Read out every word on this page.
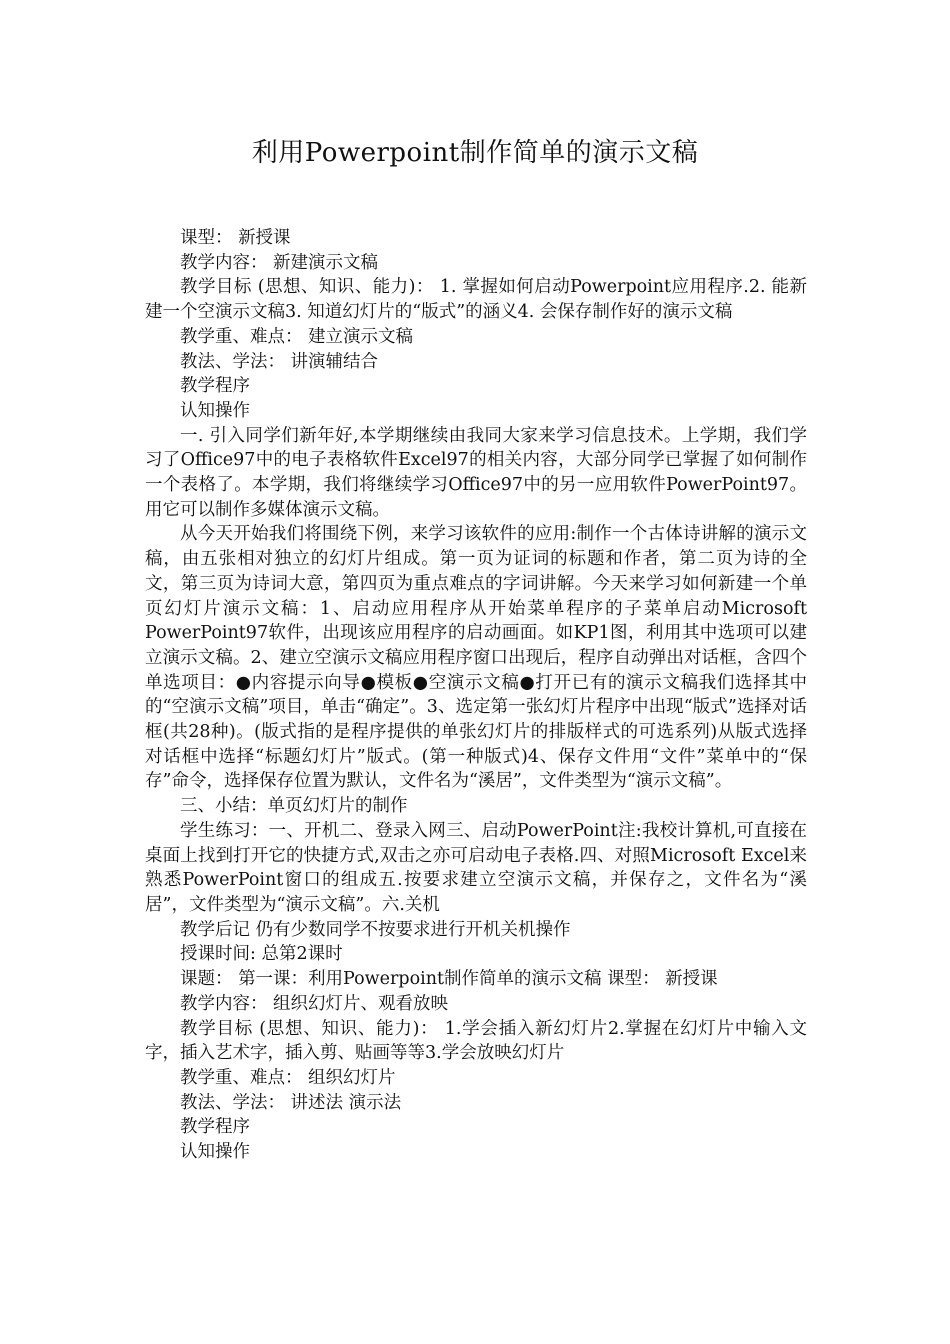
利用Powerpoint制作简单的演示文稿

课型： 新授课

教学内容： 新建演示文稿

教学目标 (思想、知识、能力)： 1. 掌握如何启动Powerpoint应用程序.2. 能新建一个空演示文稿3. 知道幻灯片的“版式”的涵义4. 会保存制作好的演示文稿

教学重、难点： 建立演示文稿

教法、学法： 讲演辅结合

教学程序

认知操作

一. 引入同学们新年好,本学期继续由我同大家来学习信息技术。上学期，我们学习了Office97中的电子表格软件Excel97的相关内容，大部分同学已掌握了如何制作一个表格了。本学期，我们将继续学习Office97中的另一应用软件PowerPoint97。用它可以制作多媒体演示文稿。

从今天开始我们将围绕下例，来学习该软件的应用:制作一个古体诗讲解的演示文稿，由五张相对独立的幻灯片组成。第一页为证词的标题和作者，第二页为诗的全文，第三页为诗词大意，第四页为重点难点的字词讲解。今天来学习如何新建一个单页幻灯片演示文稿：1、启动应用程序从开始菜单程序的子菜单启动Microsoft PowerPoint97软件，出现该应用程序的启动画面。如KP1图，利用其中选项可以建立演示文稿。2、建立空演示文稿应用程序窗口出现后，程序自动弹出对话框，含四个单选项目：●内容提示向导●模板●空演示文稿●打开已有的演示文稿我们选择其中的“空演示文稿”项目，单击“确定”。3、选定第一张幻灯片程序中出现“版式”选择对话框(共28种)。(版式指的是程序提供的单张幻灯片的排版样式的可选系列)从版式选择对话框中选择“标题幻灯片”版式。(第一种版式)4、保存文件用“文件”菜单中的“保存”命令，选择保存位置为默认，文件名为“溪居”，文件类型为“演示文稿”。

三、小结：单页幻灯片的制作

学生练习：一、开机二、登录入网三、启动PowerPoint注:我校计算机,可直接在桌面上找到打开它的快捷方式,双击之亦可启动电子表格.四、对照Microsoft Excel来熟悉PowerPoint窗口的组成五.按要求建立空演示文稿，并保存之，文件名为“溪居”，文件类型为“演示文稿”。六.关机

教学后记 仍有少数同学不按要求进行开机关机操作

授课时间: 总第2课时

课题： 第一课：利用Powerpoint制作简单的演示文稿 课型： 新授课

教学内容： 组织幻灯片、观看放映

教学目标 (思想、知识、能力)： 1.学会插入新幻灯片2.掌握在幻灯片中输入文字，插入艺术字，插入剪、贴画等等3.学会放映幻灯片

教学重、难点： 组织幻灯片

教法、学法： 讲述法 演示法

教学程序

认知操作
